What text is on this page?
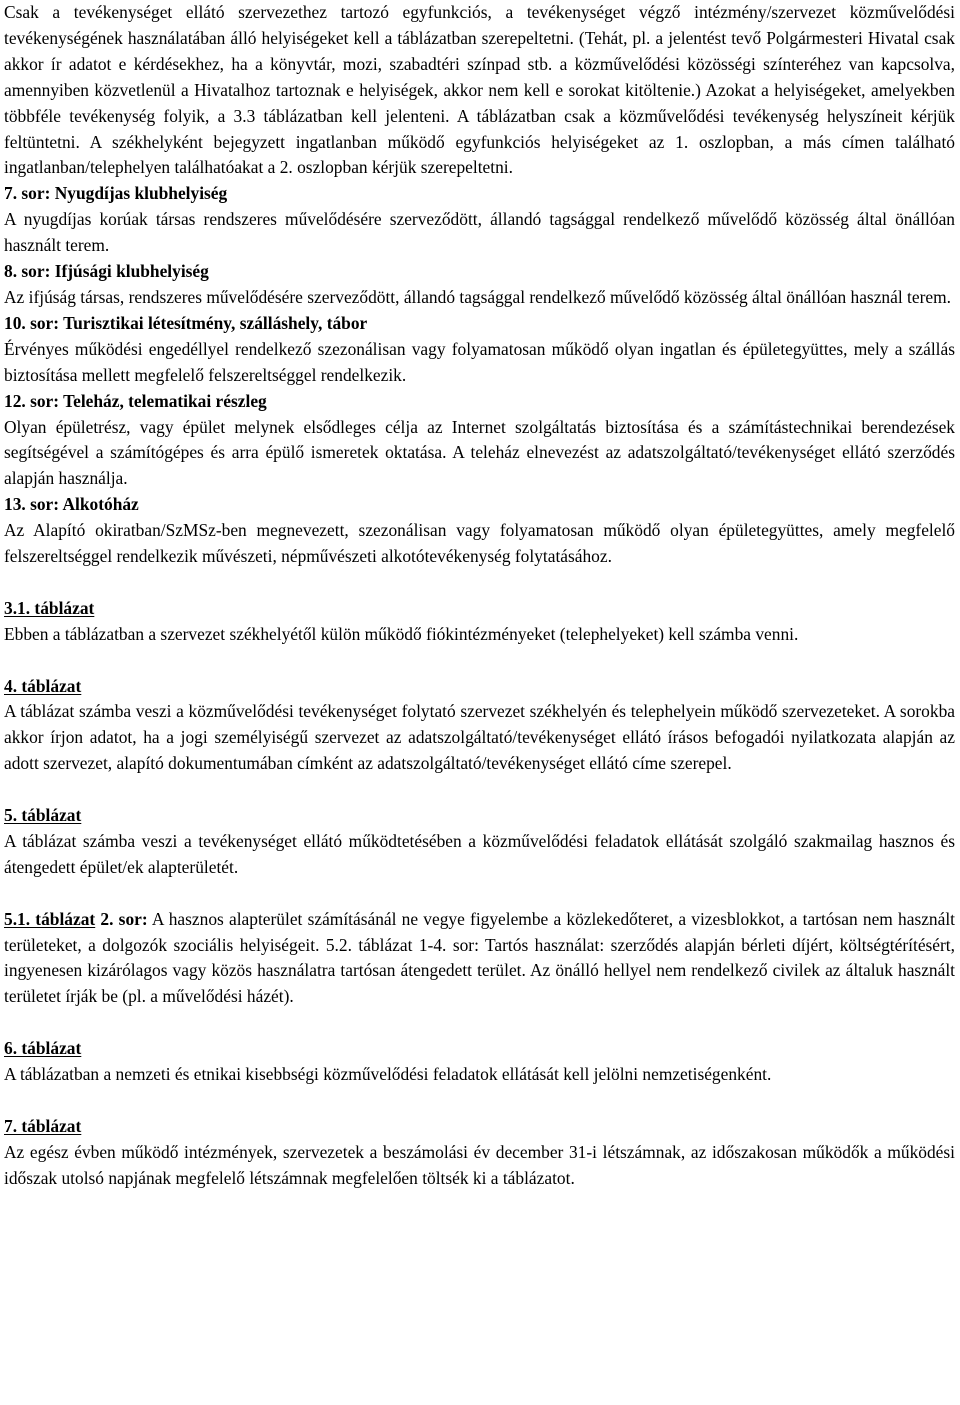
Csak a tevékenységet ellátó szervezethez tartozó egyfunkciós, a tevékenységet végző intézmény/szervezet közművelődési tevékenységének használatában álló helyiségeket kell a táblázatban szerepeltetni. (Tehát, pl. a jelentést tevő Polgármesteri Hivatal csak akkor ír adatot e kérdésekhez, ha a könyvtár, mozi, szabadtéri színpad stb. a közművelődési közösségi színteréhez van kapcsolva, amennyiben közvetlenül a Hivatalhoz tartoznak e helyiségek, akkor nem kell e sorokat kitöltenie.) Azokat a helyiségeket, amelyekben többféle tevékenység folyik, a 3.3 táblázatban kell jelenteni. A táblázatban csak a közművelődési tevékenység helyszíneit kérjük feltüntetni. A székhelyként bejegyzett ingatlanban működő egyfunkciós helyiségeket az 1. oszlopban, a más címen található ingatlanban/telephelyen találhatóakat a 2. oszlopban kérjük szerepeltetni.

7. sor: Nyugdíjas klubhelyiség

A nyugdíjas korúak társas rendszeres művelődésére szerveződött, állandó tagsággal rendelkező művelődő közösség által önállóan használt terem.

8. sor: Ifjúsági klubhelyiség

Az ifjúság társas, rendszeres művelődésére szerveződött, állandó tagsággal rendelkező művelődő közösség által önállóan használ terem.

10. sor: Turisztikai létesítmény, szálláshely, tábor

Érvényes működési engedéllyel rendelkező szezonálisan vagy folyamatosan működő olyan ingatlan és épületegyüttes, mely a szállás biztosítása mellett megfelelő felszereltséggel rendelkezik.

12. sor: Teleház, telematikai részleg

Olyan épületrész, vagy épület melynek elsődleges célja az Internet szolgáltatás biztosítása és a számítástechnikai berendezések segítségével a számítógépes és arra épülő ismeretek oktatása. A teleház elnevezést az adatszolgáltató/tevékenységet ellátó szerződés alapján használja.

13. sor: Alkotóház

Az Alapító okiratban/SzMSz-ben megnevezett, szezonálisan vagy folyamatosan működő olyan épületegyüttes, amely megfelelő felszereltséggel rendelkezik művészeti, népművészeti alkotótevékenység folytatásához.

3.1. táblázat

Ebben a táblázatban a szervezet székhelyétől külön működő fiókintézményeket (telephelyeket) kell számba venni.

4. táblázat

A táblázat számba veszi a közművelődési tevékenységet folytató szervezet székhelyén és telephelyein működő szervezeteket. A sorokba akkor írjon adatot, ha a jogi személyiségű szervezet az adatszolgáltató/tevékenységet ellátó írásos befogadói nyilatkozata alapján az adott szervezet, alapító dokumentumában címként az adatszolgáltató/tevékenységet ellátó címe szerepel.

5. táblázat

A táblázat számba veszi a tevékenységet ellátó működtetésében a közművelődési feladatok ellátását szolgáló szakmailag hasznos és átengedett épület/ek alapterületét.

5.1. táblázat 2. sor: A hasznos alapterület számításánál ne vegye figyelembe a közlekedőteret, a vizesblokkot, a tartósan nem használt területeket, a dolgozók szociális helyiségeit. 5.2. táblázat 1-4. sor: Tartós használat: szerződés alapján bérleti díjért, költségtérítésért, ingyenesen kizárólagos vagy közös használatra tartósan átengedett terület. Az önálló hellyel nem rendelkező civilek az általuk használt területet írják be (pl. a művelődési házét).

6. táblázat

A táblázatban a nemzeti és etnikai kisebbségi közművelődési feladatok ellátását kell jelölni nemzetiségenként.

7. táblázat

Az egész évben működő intézmények, szervezetek a beszámolási év december 31-i létszámnak, az időszakosan működők a működési időszak utolsó napjának megfelelő létszámnak megfelelően töltsék ki a táblázatot.
